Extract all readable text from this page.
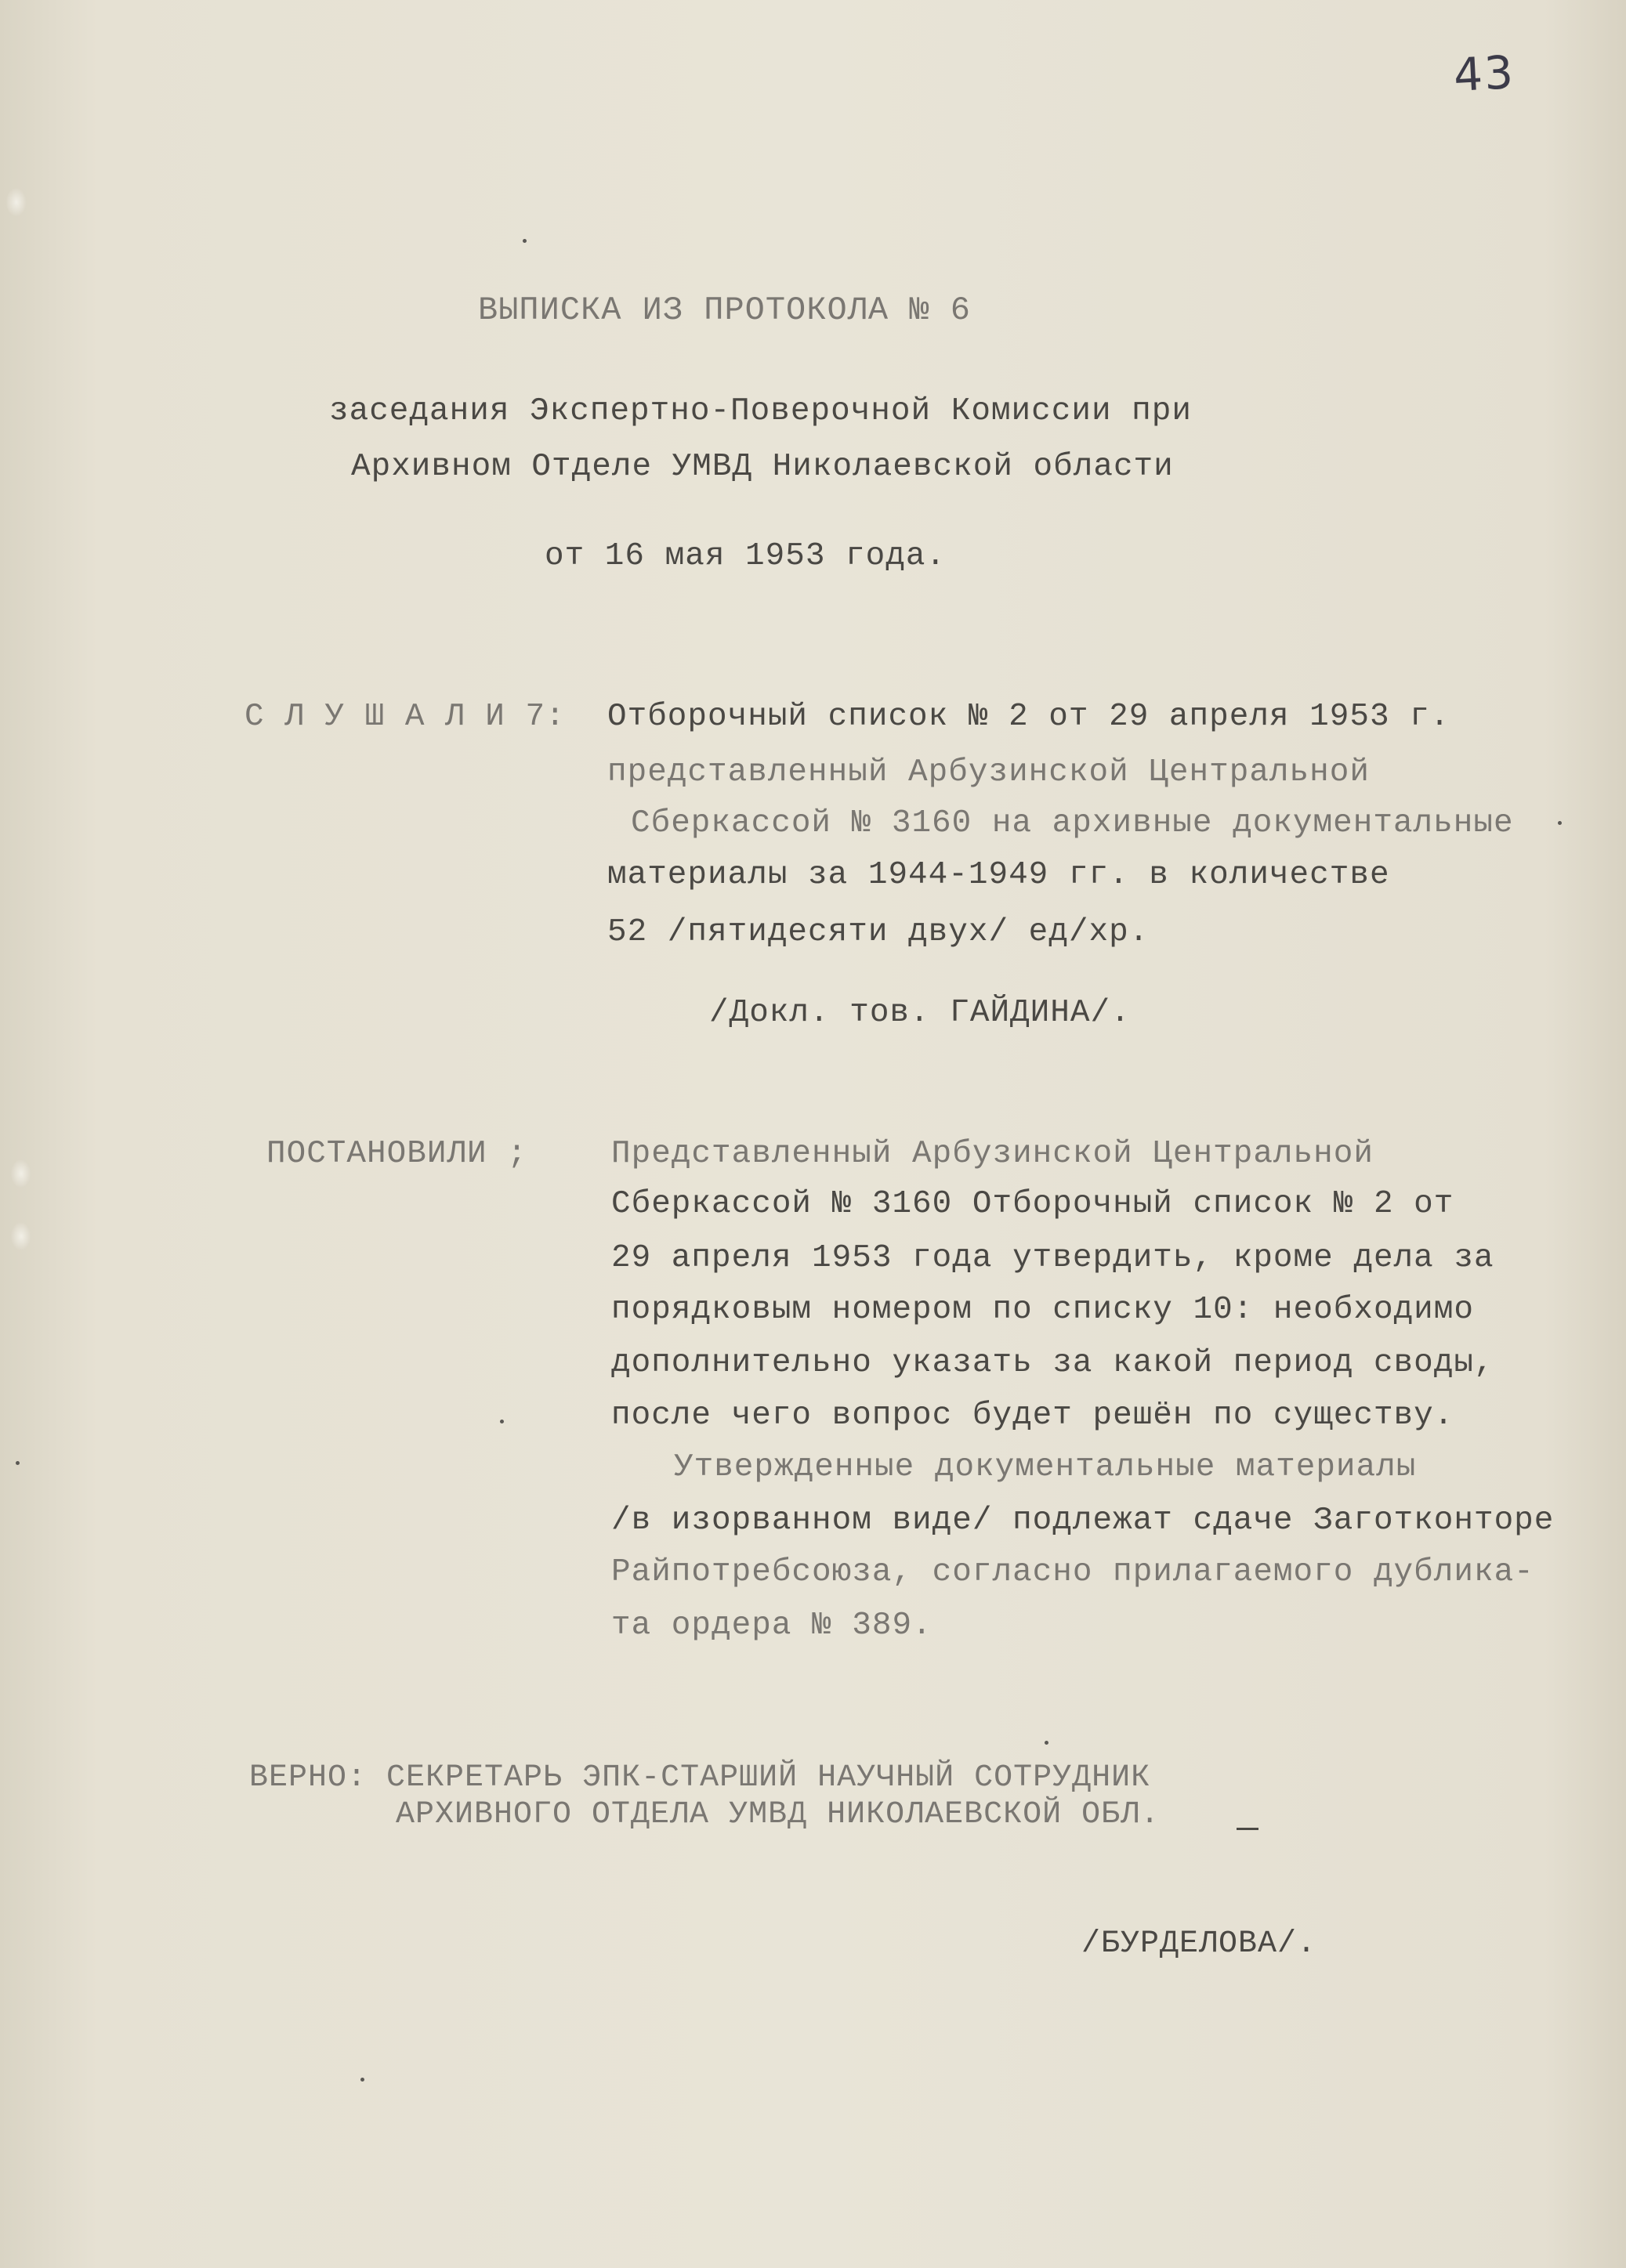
43
ВЫПИСКА ИЗ ПРОТОКОЛА № 6
заседания Экспертно-Поверочной Комиссии при
Архивном Отделе УМВД Николаевской области
от 16 мая 1953 года.
С Л У Ш А Л И 7: Отборочный список № 2 от 29 апреля 1953 г.
представленный Арбузинской Центральной
Сберкассой № 3160 на архивные документальные
материалы за 1944-1949 гг. в количестве
52 /пятидесяти двух/ ед/хр.
/Докл. тов. ГАЙДИНА/.
ПОСТАНОВИЛИ ;	Представленный Арбузинской Центральной
Сберкассой № 3160 Отборочный список № 2 от
29 апреля 1953 года утвердить, кроме дела за
порядковым номером по списку 10: необходимо
дополнительно указать за какой период своды,
после чего вопрос будет решён по существу.
Утвержденные документальные материалы
/в изорванном виде/ подлежат сдаче Заготконторе
Райпотребсоюза, согласно прилагаемого дублика-
та ордера № 389.
ВЕРНО: СЕКРЕТАРЬ ЭПК-СТАРШИЙ НАУЧНЫЙ СОТРУДНИК
АРХИВНОГО ОТДЕЛА УМВД НИКОЛАЕВСКОЙ ОБЛ.
/БУРДЕЛОВА/.
